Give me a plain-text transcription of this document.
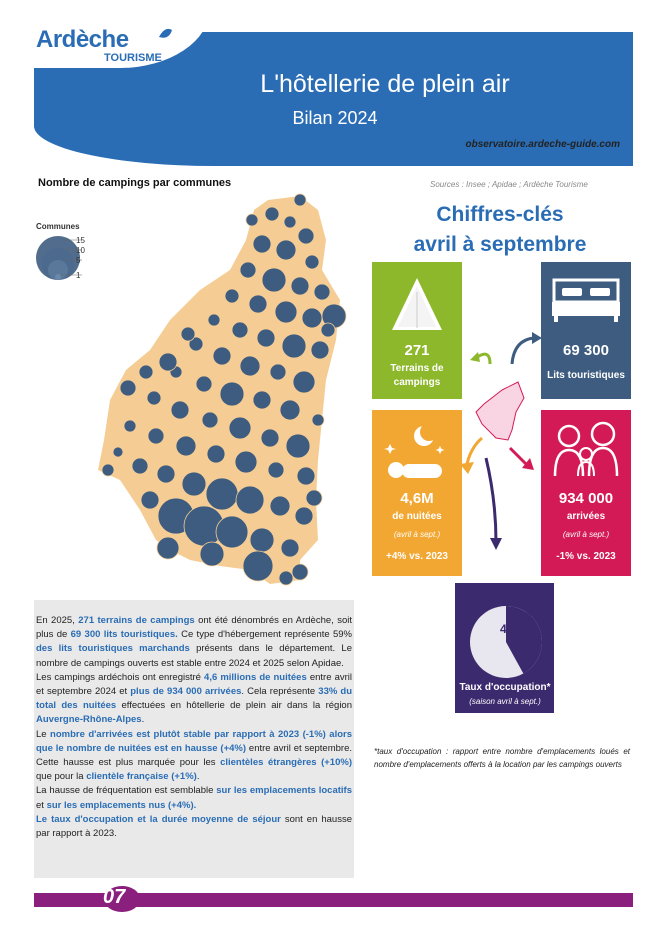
Ardèche
TOURISME
L'hôtellerie de plein air
Bilan 2024
observatoire.ardeche-guide.com
Nombre de campings par communes	Sources : Insee ; Apidae ; Ardèche Tourisme
Communes
15
10
5
1
Chiffres-clés
avril à septembre
271
Terrains de
campings
69 300
Lits touristiques
4,6M
de nuitées
(avril à sept.)
+4% vs. 2023
934 000
arrivées
(avril à sept.)
-1% vs. 2023
42%
Taux d'occupation*
(saison avril à sept.)
*taux d'occupation : rapport entre nombre d'emplacements loués et nombre d'emplacements offerts à la location par les campings ouverts

En 2025, 271 terrains de campings ont été dénombrés en Ardèche, soit plus de 69 300 lits touristiques. Ce type d'hébergement représente 59% des lits touristiques marchands présents dans le département. Le nombre de campings ouverts est stable entre 2024 et 2025 selon Apidae.

Les campings ardéchois ont enregistré 4,6 millions de nuitées entre avril et septembre 2024 et plus de 934 000 arrivées. Cela représente 33% du total des nuitées effectuées en hôtellerie de plein air dans la région Auvergne-Rhône-Alpes.

Le nombre d'arrivées est plutôt stable par rapport à 2023 (-1%) alors que le nombre de nuitées est en hausse (+4%) entre avril et septembre. Cette hausse est plus marquée pour les clientèles étrangères (+10%) que pour la clientèle française (+1%).

La hausse de fréquentation est semblable sur les emplacements locatifs et sur les emplacements nus (+4%).

Le taux d'occupation et la durée moyenne de séjour sont en hausse par rapport à 2023.

07
